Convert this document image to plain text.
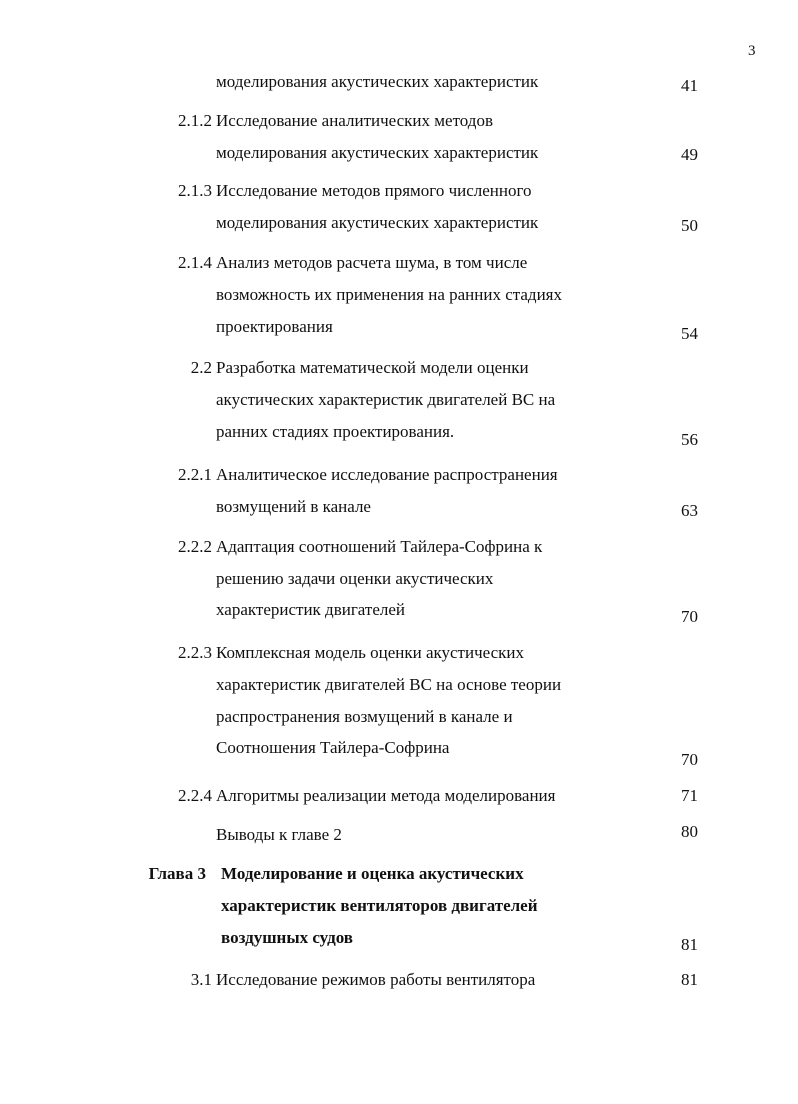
3
моделирования акустических характеристик	41
2.1.2 Исследование аналитических методов
моделирования акустических характеристик	49
2.1.3 Исследование методов прямого численного
моделирования акустических характеристик	50
2.1.4 Анализ методов расчета шума, в том числе
возможность их применения на ранних стадиях
проектирования	54
2.2 Разработка математической модели оценки
акустических характеристик двигателей ВС на
ранних стадиях проектирования.	56
2.2.1 Аналитическое исследование распространения
возмущений в канале	63
2.2.2 Адаптация соотношений Тайлера-Софрина к
решению задачи оценки акустических
характеристик двигателей	70
2.2.3 Комплексная модель оценки акустических
характеристик двигателей ВС на основе теории
распространения возмущений в канале и
Соотношения Тайлера-Софрина
70
2.2.4 Алгоритмы реализации метода моделирования	71
Выводы к главе 2	80
Глава 3 Моделирование и оценка акустических
характеристик вентиляторов двигателей
воздушных судов	81
3.1 Исследование режимов работы вентилятора	81
